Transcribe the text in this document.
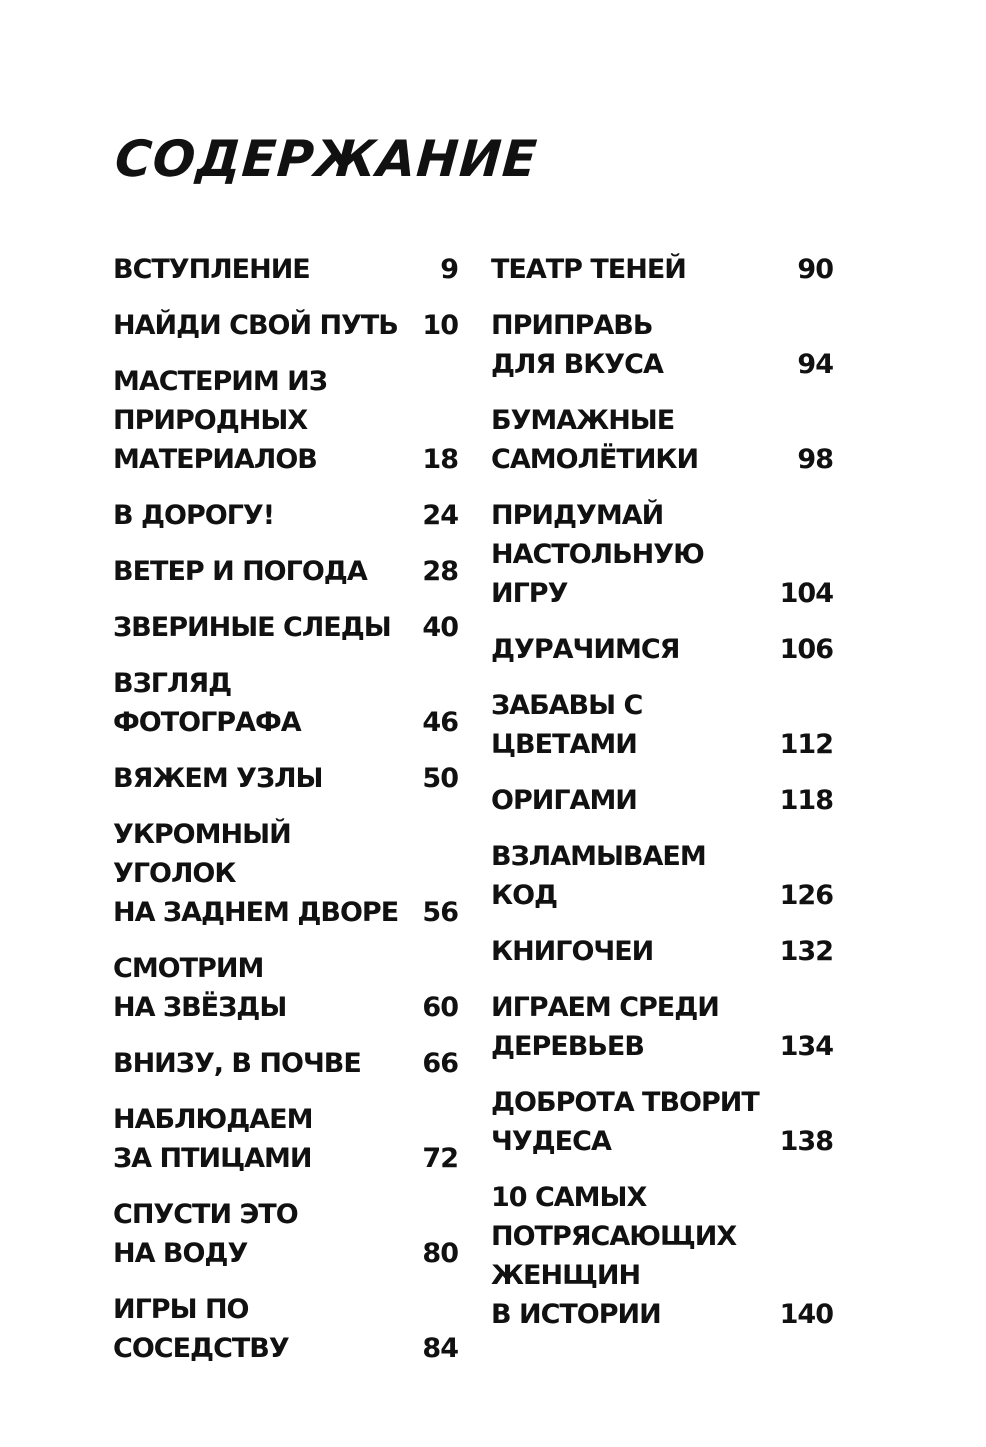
СОДЕРЖАНИЕ
ВСТУПЛЕНИЕ	9
НАЙДИ СВОЙ ПУТЬ 10
МАСТЕРИМ ИЗ
ПРИРОДНЫХ
МАТЕРИАЛОВ	18
В ДОРОГУ!	24
ВЕТЕР И ПОГОДА 28
ЗВЕРИНЫЕ СЛЕДЫ 40
ВЗГЛЯД ФОТОГРАФА	46
ВЯЖЕМ УЗЛЫ	50
УКРОМНЫЙ УГОЛОК
НА ЗАДНЕМ ДВОРЕ 56
СМОТРИМ
НА ЗВЁЗДЫ	60
ВНИЗУ, В ПОЧВЕ 66
НАБЛЮДАЕМ
ЗА ПТИЦАМИ	72
СПУСТИ ЭТО
НА ВОДУ	80
ИГРЫ ПО СОСЕДСТВУ	84
ТЕАТР ТЕНЕЙ	90
ПРИПРАВЬ
ДЛЯ ВКУСА	94
БУМАЖНЫЕ
САМОЛЁТИКИ	98
ПРИДУМАЙ
НАСТОЛЬНУЮ ИГРУ	104
ДУРАЧИМСЯ	106
ЗАБАВЫ С ЦВЕТАМИ	112
ОРИГАМИ	118
ВЗЛАМЫВАЕМ КОД	126
КНИГОЧЕИ	132
ИГРАЕМ СРЕДИ
ДЕРЕВЬЕВ	134
ДОБРОТА ТВОРИТ
ЧУДЕСА	138
10 САМЫХ
ПОТРЯСАЮЩИХ
ЖЕНЩИН
В ИСТОРИИ	140
